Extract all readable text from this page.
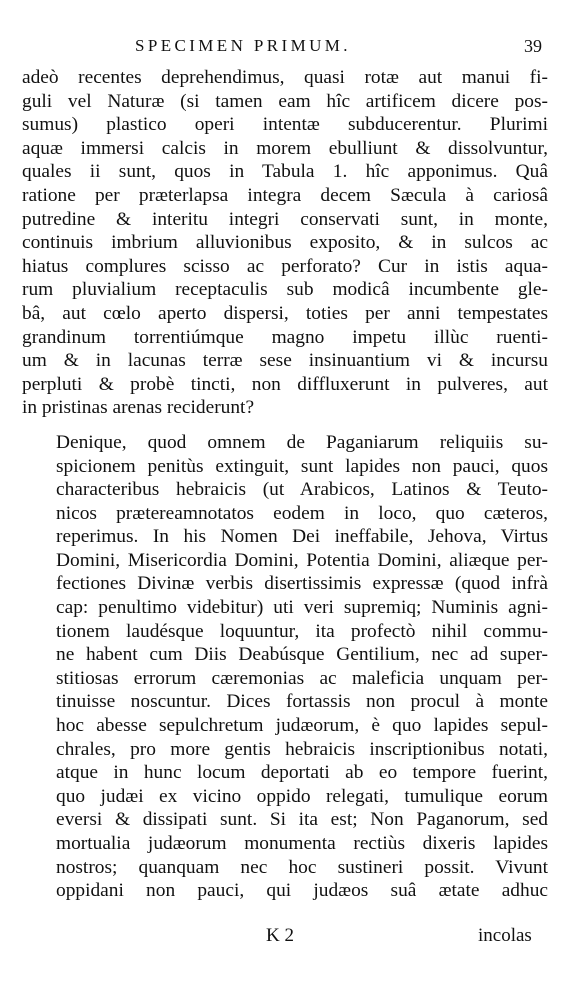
SPECIMEN PRIMUM.	39

adeò recentes deprehendimus, quasi rotæ aut manui fi-
guli vel Naturæ (si tamen eam hîc artificem dicere pos-
sumus) plastico operi intentæ subducerentur. Plurimi
aquæ immersi calcis in morem ebulliunt & dissolvuntur,
quales ii sunt, quos in Tabula 1. hîc apponimus. Quâ
ratione per præterlapsa integra decem Sæcula à cariosâ
putredine & interitu integri conservati sunt, in monte,
continuis imbrium alluvionibus exposito, & in sulcos ac
hiatus complures scisso ac perforato? Cur in istis aqua-
rum pluvialium receptaculis sub modicâ incumbente gle-
bâ, aut cœlo aperto dispersi, toties per anni tempestates
grandinum torrentiúmque magno impetu illùc ruenti-
um & in lacunas terræ sese insinuantium vi & incursu
perpluti & probè tincti, non diffluxerunt in pulveres, aut
in pristinas arenas reciderunt?

Denique, quod omnem de Paganiarum reliquiis su-
spicionem penitùs extinguit, sunt lapides non pauci, quos
characteribus hebraicis (ut Arabicos, Latinos & Teuto-
nicos prætereamnotatos eodem in loco, quo cæteros,
reperimus. In his Nomen Dei ineffabile, Jehova, Virtus
Domini, Misericordia Domini, Potentia Domini, aliæque per-
fectiones Divinæ verbis disertissimis expressæ (quod infrà
cap: penultimo videbitur) uti veri supremiq; Numinis agni-
tionem laudésque loquuntur, ita profectò nihil commu-
ne habent cum Diis Deabúsque Gentilium, nec ad super-
stitiosas errorum cæremonias ac maleficia unquam per-
tinuisse noscuntur. Dices fortassis non procul à monte
hoc abesse sepulchretum judæorum, è quo lapides sepul-
chrales, pro more gentis hebraicis inscriptionibus notati,
atque in hunc locum deportati ab eo tempore fuerint,
quo judæi ex vicino oppido relegati, tumulique eorum
eversi & dissipati sunt. Si ita est; Non Paganorum, sed
mortualia judæorum monumenta rectiùs dixeris lapides
nostros; quanquam nec hoc sustineri possit. Vivunt
oppidani non pauci, qui judæos suâ ætate adhuc

K 2	incolas
